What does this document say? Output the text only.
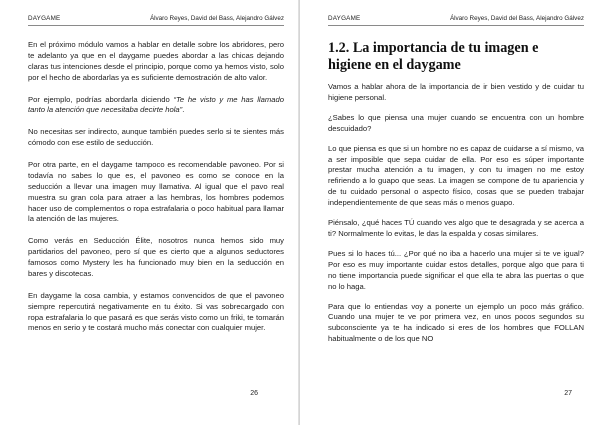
DAYGAME	Álvaro Reyes, David del Bass, Alejandro Gálvez

En el próximo módulo vamos a hablar en detalle sobre los abridores, pero te adelanto ya que en el daygame puedes abordar a las chicas dejando claras tus intenciones desde el principio, porque como ya hemos visto, solo por el hecho de abordarlas ya es suficiente demostración de alto valor.

Por ejemplo, podrías abordarla diciendo “Te he visto y me has llamado tanto la atención que necesitaba decirte hola”.

No necesitas ser indirecto, aunque también puedes serlo si te sientes más cómodo con ese estilo de seducción.

Por otra parte, en el daygame tampoco es recomendable pavoneo. Por si todavía no sabes lo que es, el pavoneo es como se conoce en la seducción a llevar una imagen muy llamativa. Al igual que el pavo real muestra su gran cola para atraer a las hembras, los hombres podemos hacer uso de complementos o ropa estrafalaria o poco habitual para llamar la atención de las mujeres.

Como verás en Seducción Élite, nosotros nunca hemos sido muy partidarios del pavoneo, pero sí que es cierto que a algunos seductores famosos como Mystery les ha funcionado muy bien en la seducción en bares y discotecas.

En daygame la cosa cambia, y estamos convencidos de que el pavoneo siempre repercutirá negativamente en tu éxito. Si vas sobrecargado con ropa estrafalaria lo que pasará es que serás visto como un friki, te tomarán menos en serio y te costará mucho más conectar con cualquier mujer.

26
DAYGAME	Álvaro Reyes, David del Bass, Alejandro Gálvez
1.2. La importancia de tu imagen e higiene en el daygame

Vamos a hablar ahora de la importancia de ir bien vestido y de cuidar tu higiene personal.

¿Sabes lo que piensa una mujer cuando se encuentra con un hombre descuidado?

Lo que piensa es que si un hombre no es capaz de cuidarse a sí mismo, va a ser imposible que sepa cuidar de ella. Por eso es súper importante prestar mucha atención a tu imagen, y con tu imagen no me estoy refiriendo a lo guapo que seas. La imagen se compone de tu apariencia y de tu cuidado personal o aspecto físico, cosas que se pueden trabajar independientemente de que seas más o menos guapo.

Piénsalo, ¿qué haces TÚ cuando ves algo que te desagrada y se acerca a ti? Normalmente lo evitas, le das la espalda y cosas similares.

Pues si lo haces tú... ¿Por qué no iba a hacerlo una mujer si te ve igual? Por eso es muy importante cuidar estos detalles, porque algo que para ti no tiene importancia puede significar el que ella te abra las puertas o que no lo haga.

Para que lo entiendas voy a ponerte un ejemplo un poco más gráfico. Cuando una mujer te ve por primera vez, en unos pocos segundos su subconsciente ya te ha indicado si eres de los hombres que FOLLAN habitualmente o de los que NO

27
